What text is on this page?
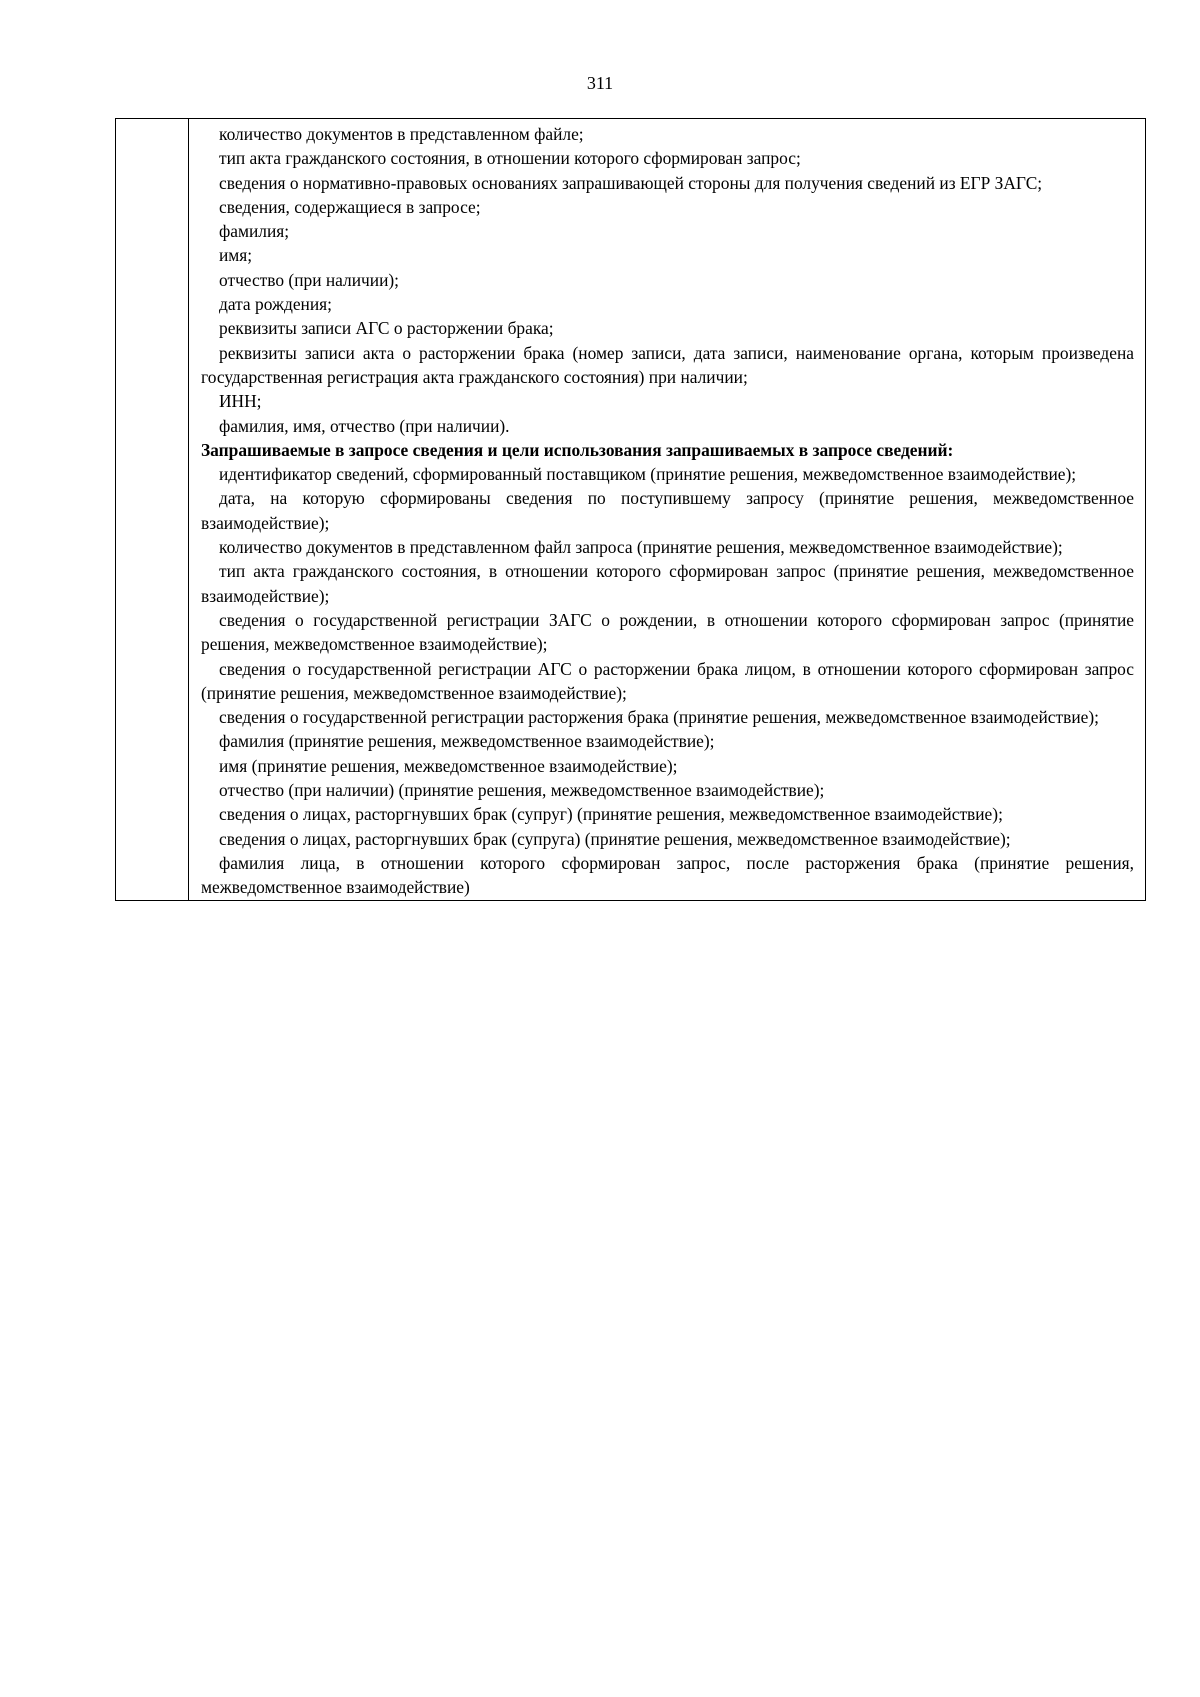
311

количество документов в представленном файле;

тип акта гражданского состояния, в отношении которого сформирован запрос;

сведения о нормативно-правовых основаниях запрашивающей стороны для получения сведений из ЕГР ЗАГС;

сведения, содержащиеся в запросе;

фамилия;

имя;

отчество (при наличии);

дата рождения;

реквизиты записи АГС о расторжении брака;

реквизиты записи акта о расторжении брака (номер записи, дата записи, наименование органа, которым произведена государственная регистрация акта гражданского состояния) при наличии;

ИНН;

фамилия, имя, отчество (при наличии).

Запрашиваемые в запросе сведения и цели использования запрашиваемых в запросе сведений:

идентификатор сведений, сформированный поставщиком (принятие решения, межведомственное взаимодействие);

дата, на которую сформированы сведения по поступившему запросу (принятие решения, межведомственное взаимодействие);

количество документов в представленном файл запроса (принятие решения, межведомственное взаимодействие);

тип акта гражданского состояния, в отношении которого сформирован запрос (принятие решения, межведомственное взаимодействие);

сведения о государственной регистрации ЗАГС о рождении, в отношении которого сформирован запрос (принятие решения, межведомственное взаимодействие);

сведения о государственной регистрации АГС о расторжении брака лицом, в отношении которого сформирован запрос (принятие решения, межведомственное взаимодействие);

сведения о государственной регистрации расторжения брака (принятие решения, межведомственное взаимодействие);

фамилия (принятие решения, межведомственное взаимодействие);

имя (принятие решения, межведомственное взаимодействие);

отчество (при наличии) (принятие решения, межведомственное взаимодействие);

сведения о лицах, расторгнувших брак (супруг) (принятие решения, межведомственное взаимодействие);

сведения о лицах, расторгнувших брак (супруга) (принятие решения, межведомственное взаимодействие);

фамилия лица, в отношении которого сформирован запрос, после расторжения брака (принятие решения, межведомственное взаимодействие)
